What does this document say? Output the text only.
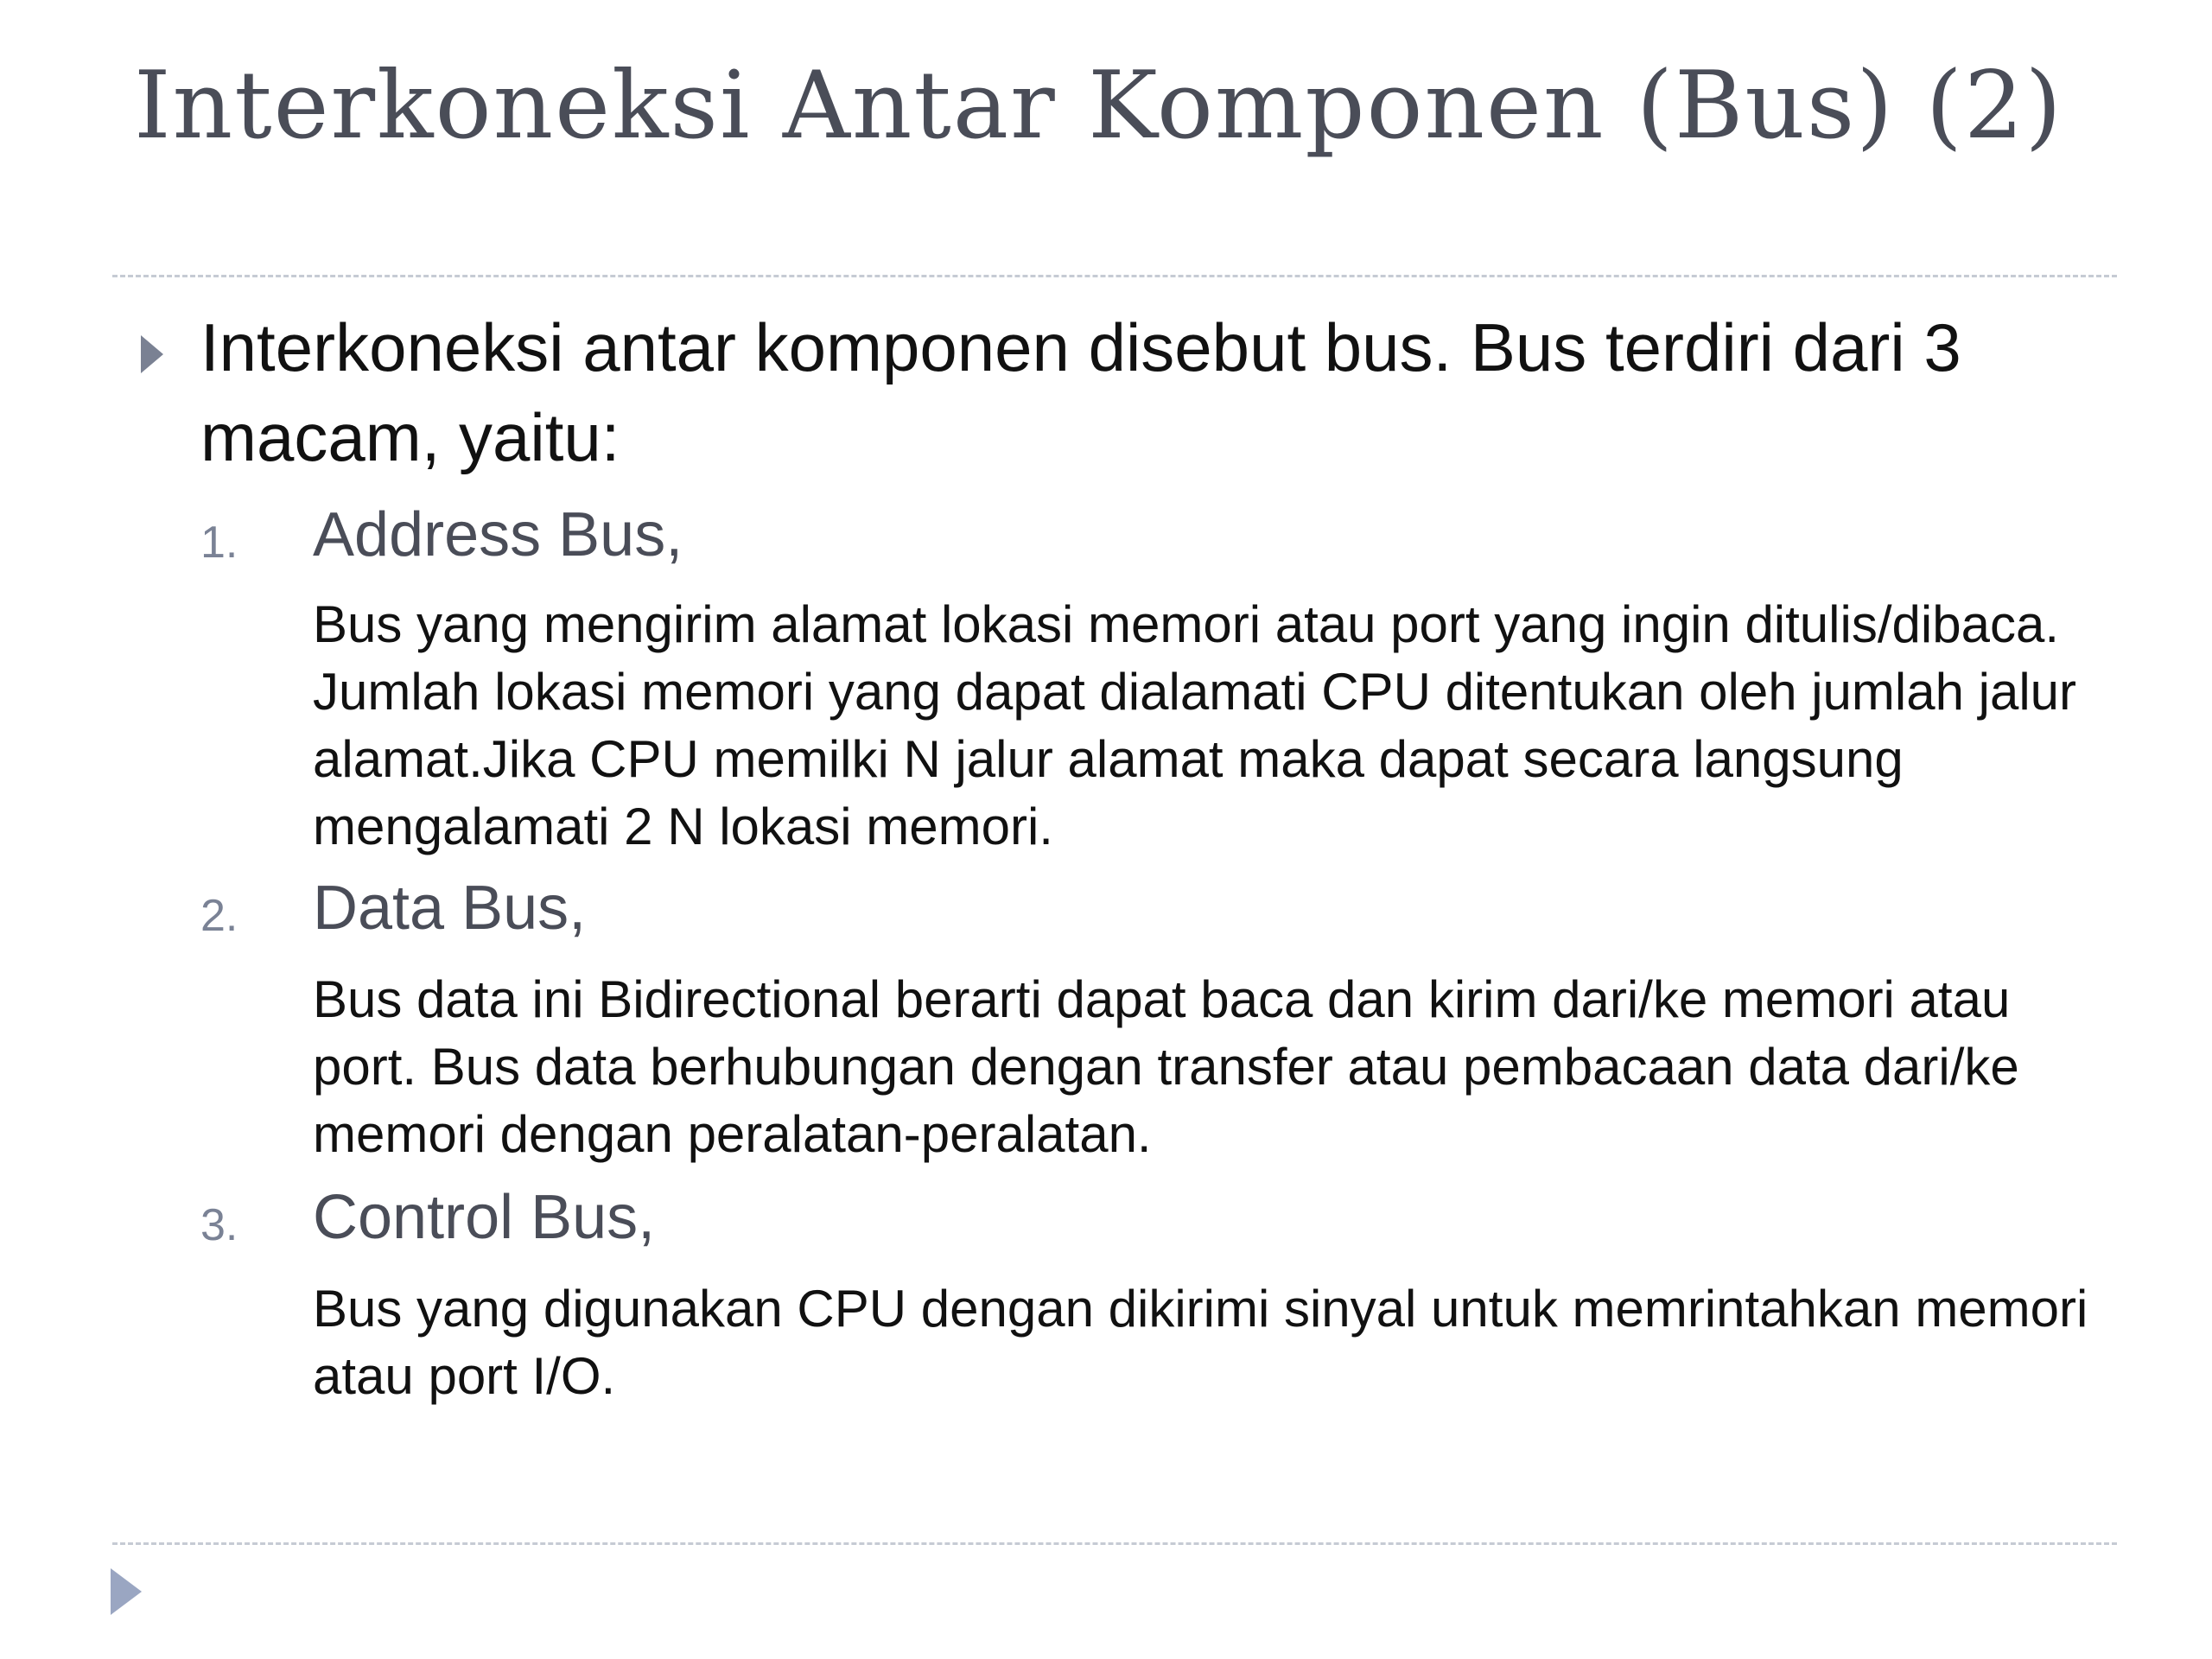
Interkoneksi Antar Komponen (Bus) (2)
Interkoneksi antar komponen disebut bus. Bus terdiri dari 3 macam, yaitu:
1. Address Bus,
Bus yang mengirim alamat lokasi memori atau port yang ingin ditulis/dibaca. Jumlah lokasi memori yang dapat dialamati CPU ditentukan oleh jumlah jalur alamat.Jika CPU memilki N jalur alamat maka dapat secara langsung mengalamati 2 N lokasi memori.
2. Data Bus,
Bus data ini Bidirectional berarti dapat baca dan kirim dari/ke memori atau port. Bus data berhubungan dengan transfer atau pembacaan data dari/ke memori dengan peralatan-peralatan.
3. Control Bus,
Bus yang digunakan CPU dengan dikirimi sinyal untuk memrintahkan memori atau port I/O.
